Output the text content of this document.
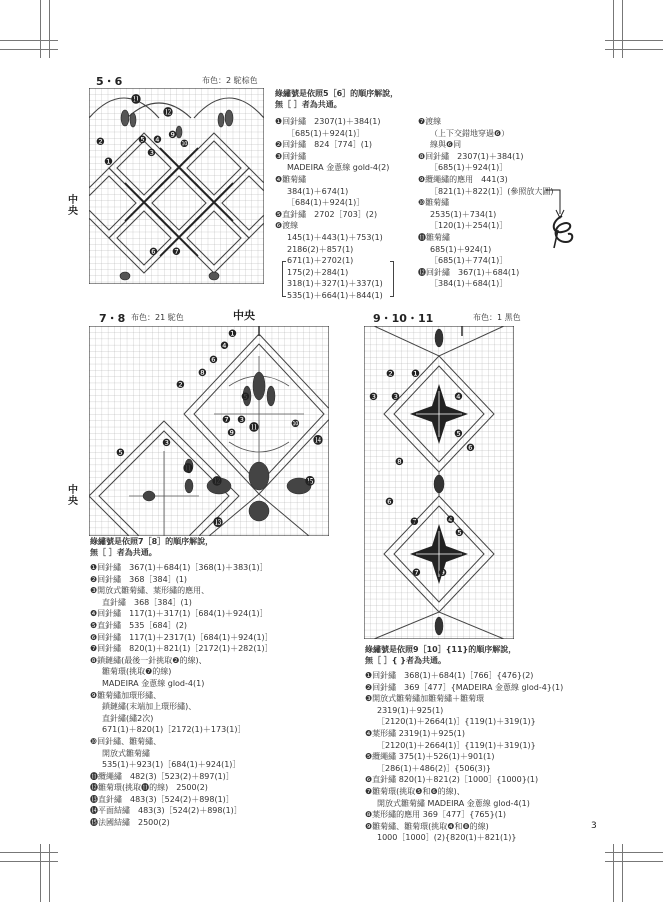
5・6	布色：2 駝棕色
中央
⓫
⓬
❷	❺ ❹
❸
❾
❿
❻ ❼
❶
綠繡號是依照5［6］的順序解說，
無［ ］者為共通。
❶回針繡　2307(1)＋384(1)
［685(1)＋924(1)］
❷回針繡　824［774］(1)
❸回針繡
MADEIRA 金蔥線 gold-4(2)
❹雛菊繡
384(1)＋674(1)
［684(1)＋924(1)］
❺直針繡　2702［703］(2)
❻渡線
145(1)＋443(1)＋753(1)
2186(2)＋857(1)
671(1)＋2702(1)
175(2)＋284(1)
318(1)＋327(1)＋337(1)
535(1)＋664(1)＋844(1)
❼渡線
（上下交錯地穿過❻）
線與❻同
❽回針繡　2307(1)＋384(1)
［685(1)＋924(1)］
❾纜繩繡的應用　441(3)
［821(1)＋822(1)］(參照放大圖)
❿雛菊繡
2535(1)＋734(1)
［120(1)＋254(1)］
⓫雛菊繡
685(1)＋924(1)
［685(1)＋774(1)］
⓬回針繡　367(1)＋684(1)
［384(1)＋684(1)］
7・8 布色：21 駝色	中央
中央
❶
❹
❻
❽
❷
❺
❼ ❸
⓫
❾
❸
❿
⓮
❺
⓬
⓭
⓯
⓫
綠繡號是依照7［8］的順序解說，
無［ ］者為共通。
❶回針繡　367(1)＋684(1)［368(1)＋383(1)］
❷回針繡　368［384］(1)
❸開放式雛菊繡、葉形繡的應用、
直針繡　368［384］(1)
❹回針繡　117(1)＋317(1)［684(1)＋924(1)］
❺直針繡　535［684］(2)
❻回針繡　117(1)＋2317(1)［684(1)＋924(1)］
❼回針繡　820(1)＋821(1)［2172(1)＋282(1)］
❽鎖鏈繡(最後一針挑取❷的線)、
雛菊環(挑取❼的線)
MADEIRA 金蔥線 glod-4(1)
❾雛菊繡加環形繡、
鎖鏈繡(末端加上環形繡)、
直針繡(繡2次)
671(1)＋820(1)［2172(1)＋173(1)］
❿回針繡、雛菊繡、
開放式雛菊繡
535(1)＋923(1)［684(1)＋924(1)］
⓫纜繩繡　482(3)［523(2)＋897(1)］
⓬雛菊環(挑取⓫的線)　2500(2)
⓭直針繡　483(3)［524(2)＋898(1)］
⓮平面結繡　483(3)［524(2)＋898(1)］
⓯法國結繡　2500(2)
9・10・11	布色：1 黑色
❶
❷
❸ ❸	❹
❺
❻
❽
❻
❼	❹
❺
❾
❼
綠繡號是依照9［10］{11}的順序解說，
無［ ］{ }者為共通。
❶回針繡　368(1)＋684(1)［766］{476}(2)
❷回針繡　369［477］{MADEIRA 金蔥線 glod-4}(1)
❸開放式雛菊繡加雛菊繡＋雛菊環
2319(1)＋925(1)
［2120(1)＋2664(1)］{119(1)＋319(1)}
❹葉形繡 2319(1)＋925(1)
［2120(1)＋2664(1)］{119(1)＋319(1)}
❺纜繩繡 375(1)＋526(1)＋901(1)
［286(1)＋486(2)］{506(3)}
❻直針繡 820(1)＋821(2)［1000］{1000}(1)
❼雛菊環(挑取❺和❻的線)、
開放式雛菊繡 MADEIRA 金蔥線 glod-4(1)
❽葉形繡的應用 369［477］{765}(1)
❾雛菊繡、雛菊環(挑取❹和❽的線)
1000［1000］(2){820(1)＋821(1)}
3
